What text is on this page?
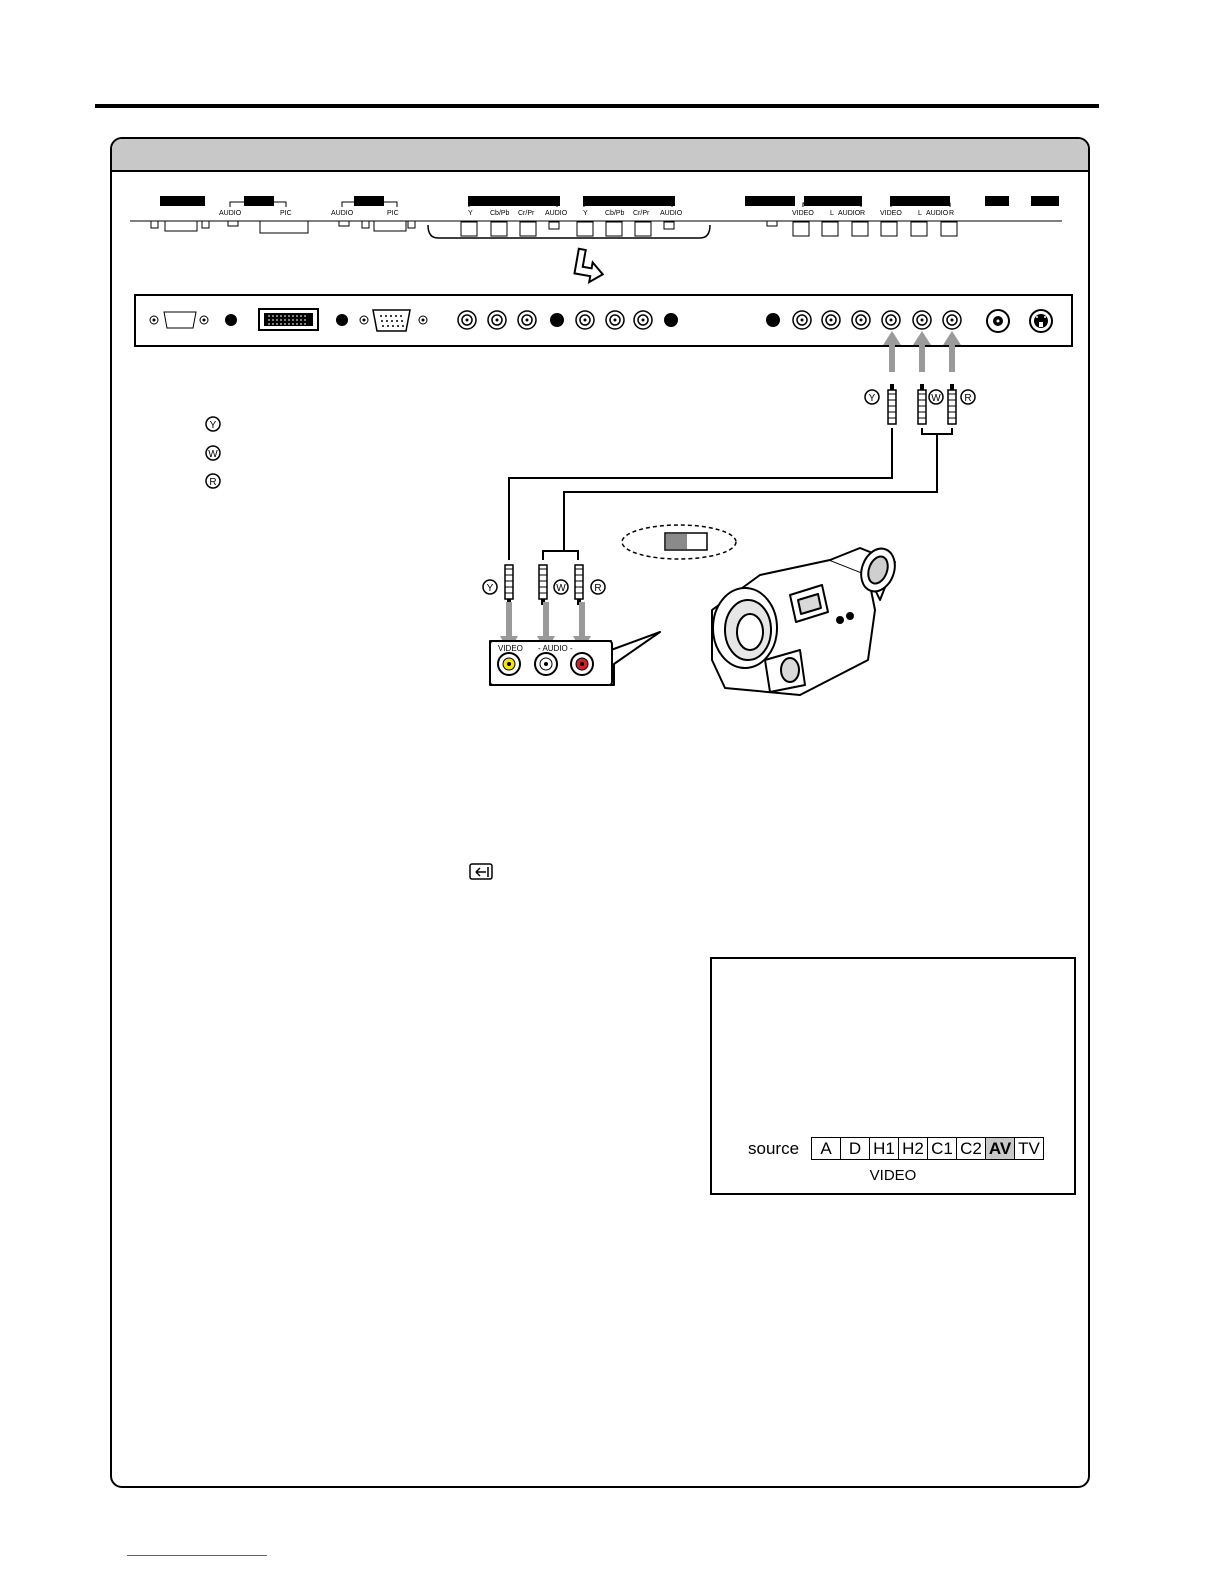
AUDIO	PIC	AUDIO	PIC	Y Cb/Pb Cr/Pr AUDIO Y Cb/Pb Cr/Pr AUDIO	VIDEO L AUDIO R VIDEO L AUDIO R
Y	W R
Y
W
R
Y	W	R
VIDEO - AUDIO -
source	A	D H1 H2 C1 C2 AV TV
VIDEO
